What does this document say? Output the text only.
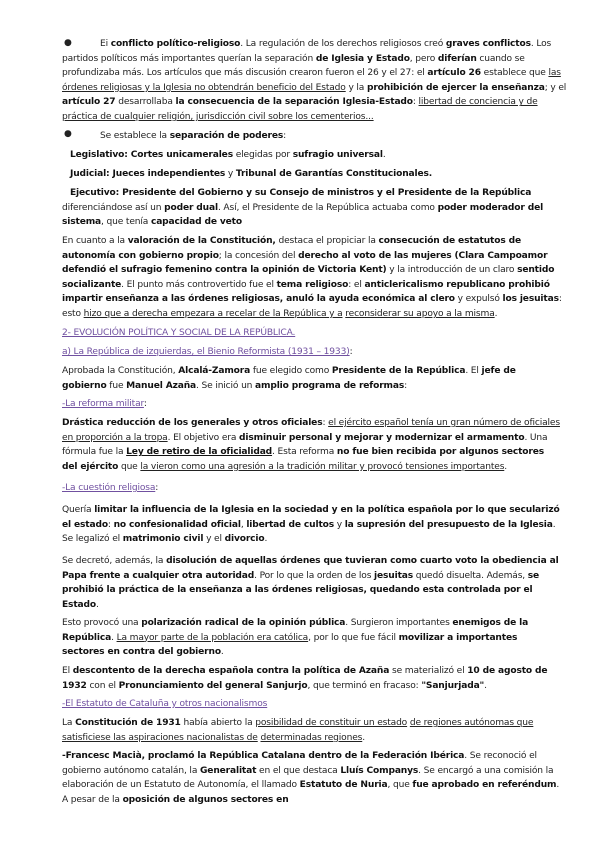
●	Ei conflicto político-religioso. La regulación de los derechos religiosos creó graves conflictos. Los partidos políticos más importantes querían la separación de Iglesia y Estado, pero diferían cuando se profundizaba más. Los artículos que más discusión crearon fueron el 26 y el 27: el artículo 26 establece que las órdenes religiosas y la Iglesia no obtendrán beneficio del Estado y la prohibición de ejercer la enseñanza; y el artículo 27 desarrollaba la consecuencia de la separación Iglesia-Estado: libertad de conciencia y de práctica de cualquier religión, jurisdicción civil sobre los cementerios...
●	Se establece la separación de poderes:
Legislativo: Cortes unicamerales elegidas por sufragio universal.
Judicial: Jueces independientes y Tribunal de Garantías Constitucionales.
Ejecutivo: Presidente del Gobierno y su Consejo de ministros y el Presidente de la República diferenciándose así un poder dual. Así, el Presidente de la República actuaba como poder moderador del sistema, que tenía capacidad de veto
En cuanto a la valoración de la Constitución, destaca el propiciar la consecución de estatutos de autonomía con gobierno propio; la concesión del derecho al voto de las mujeres (Clara Campoamor defendió el sufragio femenino contra la opinión de Victoria Kent) y la introducción de un claro sentido socializante. El punto más controvertido fue el tema religioso: el anticlericalismo republicano prohibió impartir enseñanza a las órdenes religiosas, anuló la ayuda económica al clero y expulsó los jesuitas: esto hizo que a derecha empezara a recelar de la República y a reconsiderar su apoyo a la misma.
2- EVOLUCIÓN POLÍTICA Y SOCIAL DE LA REPÚBLICA.
a) La República de izquierdas, el Bienio Reformista (1931 – 1933):
Aprobada la Constitución, Alcalá-Zamora fue elegido como Presidente de la República. El jefe de gobierno fue Manuel Azaña. Se inició un amplio programa de reformas:
-La reforma militar:
Drástica reducción de los generales y otros oficiales: el ejército español tenía un gran número de oficiales en proporción a la tropa. El objetivo era disminuir personal y mejorar y modernizar el armamento. Una fórmula fue la Ley de retiro de la oficialidad. Esta reforma no fue bien recibida por algunos sectores del ejército que la vieron como una agresión a la tradición militar y provocó tensiones importantes.
-La cuestión religiosa:
Quería limitar la influencia de la Iglesia en la sociedad y en la política española por lo que secularizó el estado: no confesionalidad oficial, libertad de cultos y la supresión del presupuesto de la Iglesia. Se legalizó el matrimonio civil y el divorcio.
Se decretó, además, la disolución de aquellas órdenes que tuvieran como cuarto voto la obediencia al Papa frente a cualquier otra autoridad. Por lo que la orden de los jesuitas quedó disuelta. Además, se prohibió la práctica de la enseñanza a las órdenes religiosas, quedando esta controlada por el Estado.
Esto provocó una polarización radical de la opinión pública. Surgieron importantes enemigos de la República. La mayor parte de la población era católica, por lo que fue fácil movilizar a importantes sectores en contra del gobierno.
El descontento de la derecha española contra la política de Azaña se materializó el 10 de agosto de 1932 con el Pronunciamiento del general Sanjurjo, que terminó en fracaso: "Sanjurjada".
-El Estatuto de Cataluña y otros nacionalismos
La Constitución de 1931 había abierto la posibilidad de constituir un estado de regiones autónomas que satisficiese las aspiraciones nacionalistas de determinadas regiones.
-Francesc Macià, proclamó la República Catalana dentro de la Federación Ibérica. Se reconoció el gobierno autónomo catalán, la Generalitat en el que destaca Lluís Companys. Se encargó a una comisión la elaboración de un Estatuto de Autonomía, el llamado Estatuto de Nuria, que fue aprobado en referéndum. A pesar de la oposición de algunos sectores en
